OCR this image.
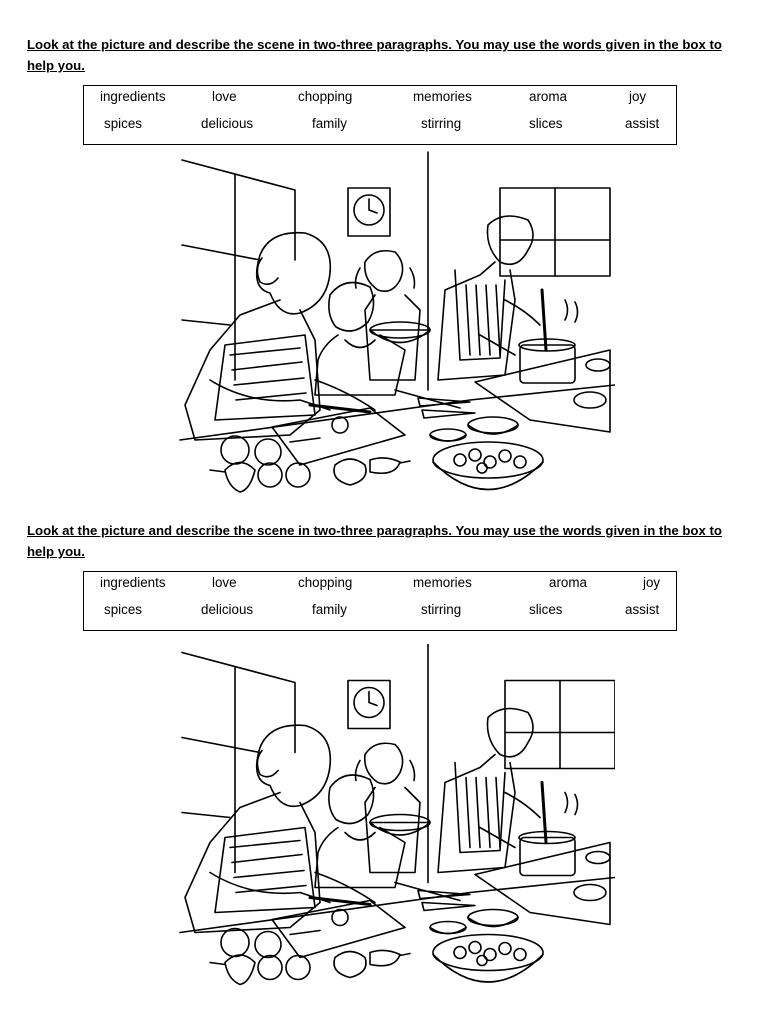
Look at the picture and describe the scene in two-three paragraphs. You may use the words given in the box to help you.

ingredients	love	chopping	memories	aroma	joy
spices	delicious	family	stirring	slices	assist

Look at the picture and describe the scene in two-three paragraphs. You may use the words given in the box to help you.

ingredients	love	chopping	memories	aroma	joy
spices	delicious	family	stirring	slices	assist
